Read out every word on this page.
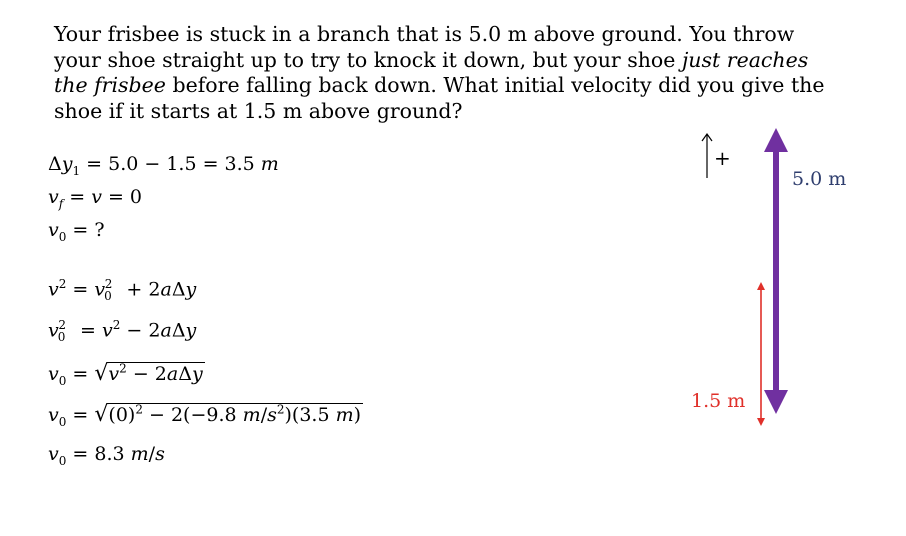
Your frisbee is stuck in a branch that is 5.0 m above ground. You throw
your shoe straight up to try to knock it down, but your shoe just reaches
the frisbee before falling back down. What initial velocity did you give the
shoe if it starts at 1.5 m above ground?
$\Delta y_1 = 5.0 - 1.5 = 3.5$ m
$v_f = v = 0$
$v_0$ = ?
$v^2 = v_0^2 + 2a\Delta y$
$v_0^2 = v^2 - 2a\Delta y$
$v_0 = √v^2 - 2a\Delta y$
$v_0 = √(0)^2 - 2(-9.8$ $m/s^2)(3.5$ m)
$v_0 = 8.3$ m/s
+
5.0 m
1.5 m
